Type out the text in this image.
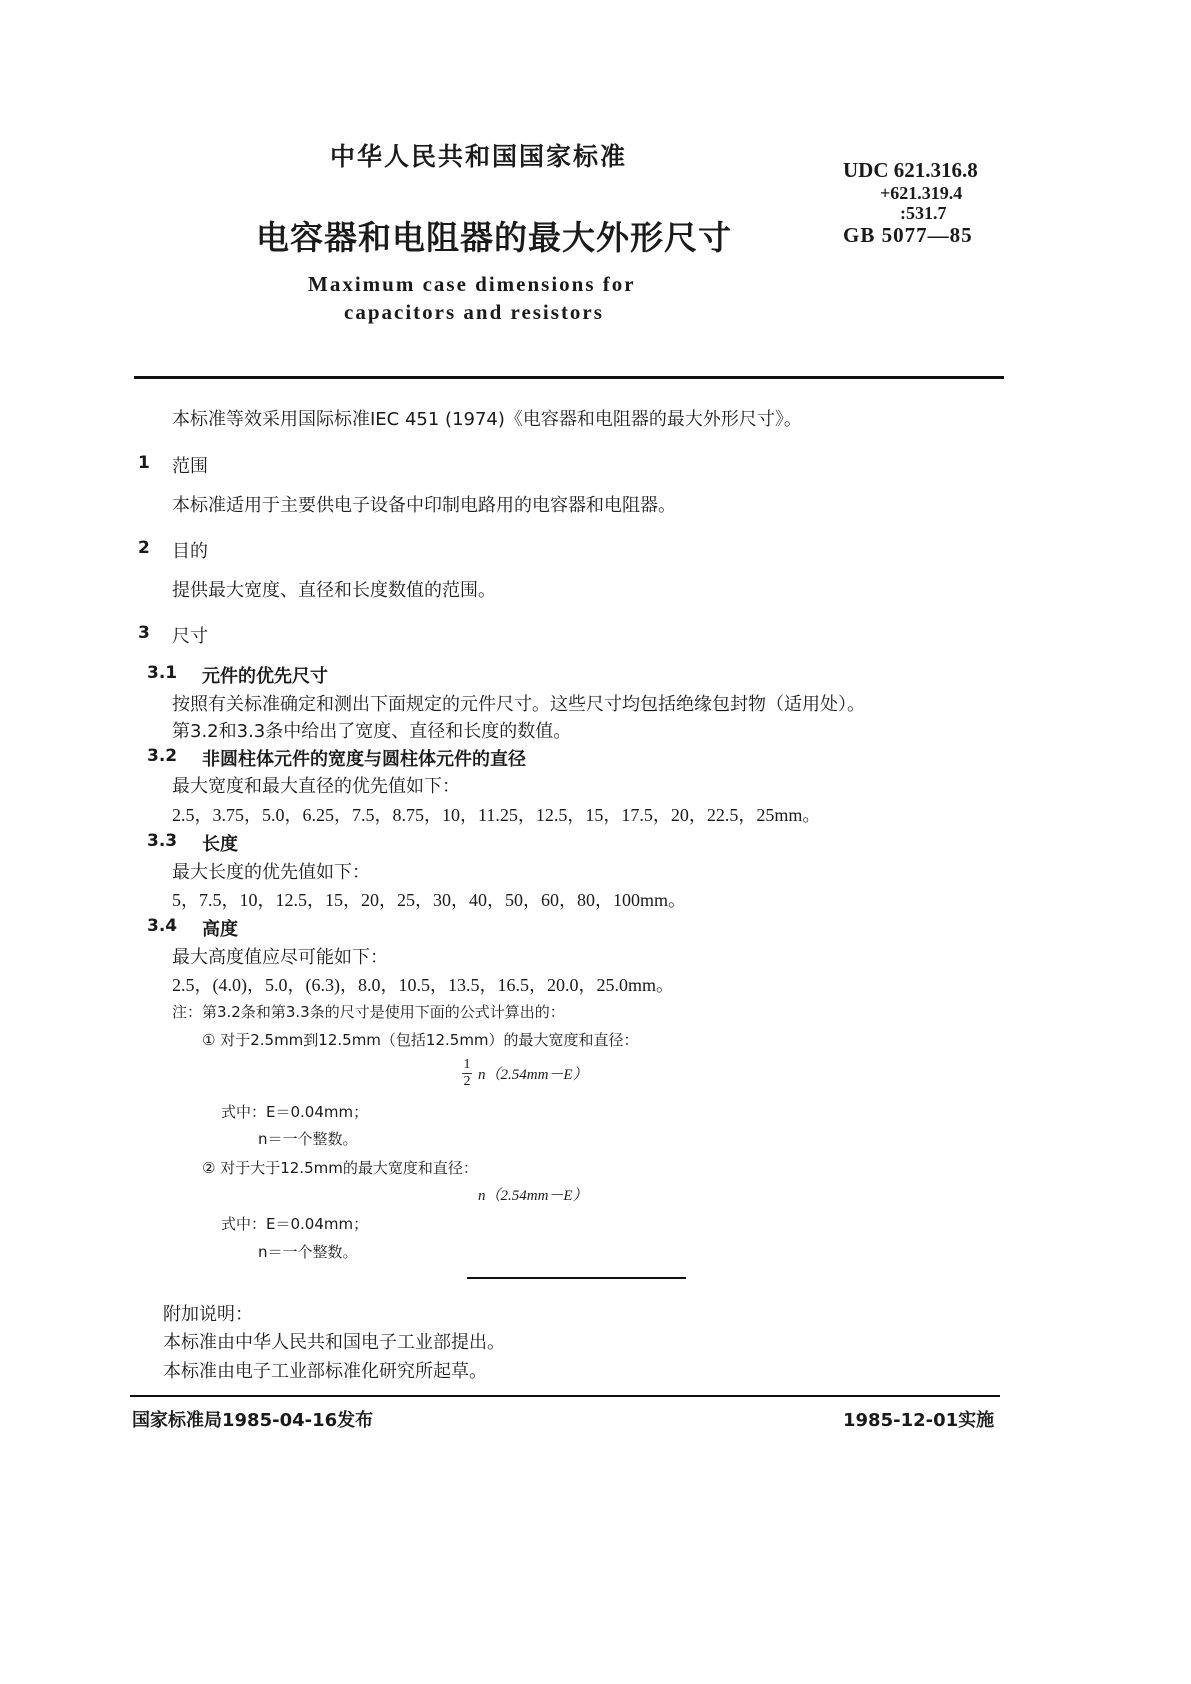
中华人民共和国国家标准	UDC 621.316.8
+621.319.4
:531.7
GB 5077—85
电容器和电阻器的最大外形尺寸
Maximum case dimensions for
capacitors and resistors
本标准等效采用国际标准IEC 451 (1974)《电容器和电阻器的最大外形尺寸》。
1 范围
本标准适用于主要供电子设备中印制电路用的电容器和电阻器。
2 目的
提供最大宽度、直径和长度数值的范围。
3 尺寸
3.1 元件的优先尺寸
按照有关标准确定和测出下面规定的元件尺寸。这些尺寸均包括绝缘包封物（适用处）。
第3.2和3.3条中给出了宽度、直径和长度的数值。
3.2 非圆柱体元件的宽度与圆柱体元件的直径
最大宽度和最大直径的优先值如下：
2.5，3.75，5.0，6.25，7.5，8.75，10，11.25，12.5，15，17.5，20，22.5，25mm。
3.3 长度
最大长度的优先值如下：
5，7.5，10，12.5，15，20，25，30，40，50，60，80，100mm。
3.4 高度
最大高度值应尽可能如下：
2.5，(4.0)，5.0，(6.3)，8.0，10.5，13.5，16.5，20.0，25.0mm。
注：第3.2条和第3.3条的尺寸是使用下面的公式计算出的：
① 对于2.5mm到12.5mm（包括12.5mm）的最大宽度和直径：
1
2 n（2.54mm－E）
式中：E＝0.04mm；
n＝一个整数。
② 对于大于12.5mm的最大宽度和直径：
n（2.54mm－E）
式中：E＝0.04mm；
n＝一个整数。
附加说明：
本标准由中华人民共和国电子工业部提出。
本标准由电子工业部标准化研究所起草。
国家标准局1985-04-16发布	1985-12-01实施
